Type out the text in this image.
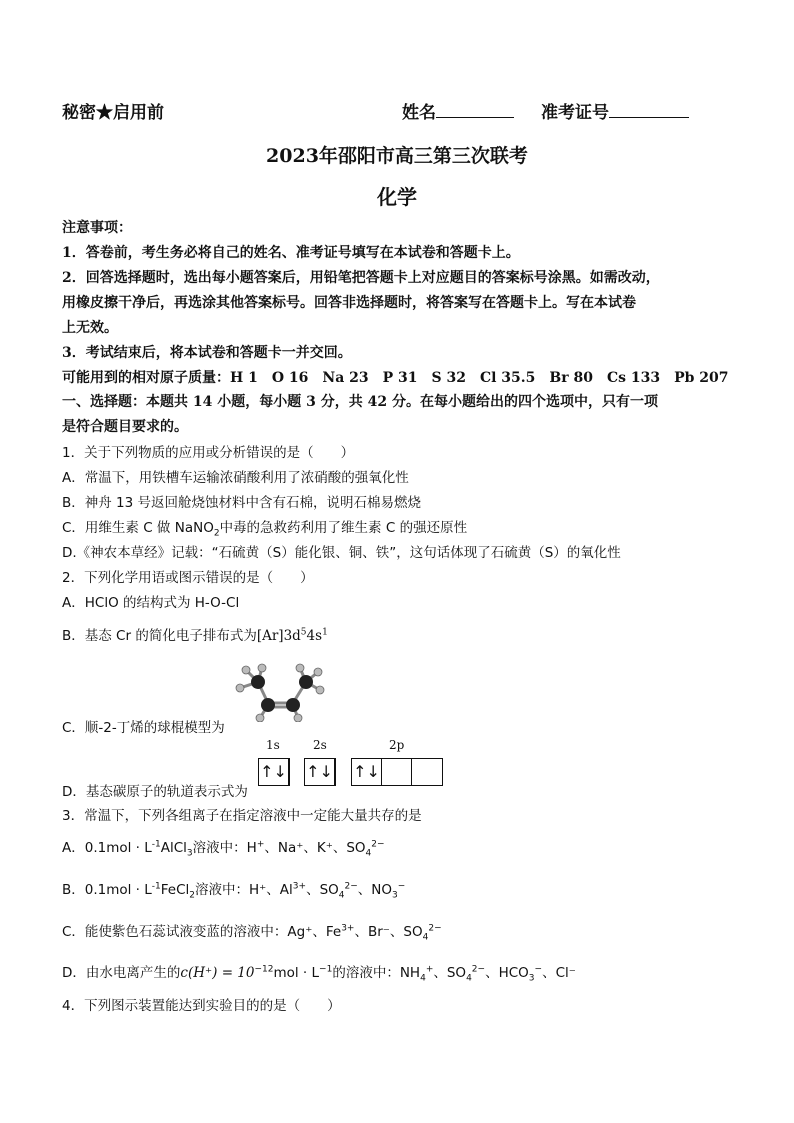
秘密★启用前	姓名	准考证号
2023年邵阳市高三第三次联考
化学
注意事项：
1．答卷前，考生务必将自己的姓名、准考证号填写在本试卷和答题卡上。
2．回答选择题时，选出每小题答案后，用铅笔把答题卡上对应题目的答案标号涂黑。如需改动，
用橡皮擦干净后，再选涂其他答案标号。回答非选择题时，将答案写在答题卡上。写在本试卷
上无效。
3．考试结束后，将本试卷和答题卡一并交回。
可能用到的相对原子质量：H 1　O 16　Na 23　P 31　S 32　Cl 35.5　Br 80　Cs 133　Pb 207
一、选择题：本题共 14 小题，每小题 3 分，共 42 分。在每小题给出的四个选项中，只有一项
是符合题目要求的。
1．关于下列物质的应用或分析错误的是（　　）
A．常温下，用铁槽车运输浓硝酸利用了浓硝酸的强氧化性
B．神舟 13 号返回舱烧蚀材料中含有石棉，说明石棉易燃烧
C．用维生素 C 做 NaNO$_2$中毒的急救药利用了维生素 C 的强还原性
D.《神农本草经》记载：“石硫黄（S）能化银、铜、铁”，这句话体现了石硫黄（S）的氧化性
2．下列化学用语或图示错误的是（　　）
A．HClO 的结构式为 H-O-Cl
B．基态 Cr 的简化电子排布式为$[Ar]3d^54s^1$
C．顺-2-丁烯的球棍模型为
1s	2s	2p
↑↓ ↑↓ ↑↓
D．基态碳原子的轨道表示式为
3．常温下，下列各组离子在指定溶液中一定能大量共存的是
A．$0.1mol \cdot L^{-1}AlCl_3$溶液中：H+、Na⁺、K⁺、$SO_4^{2-}$
B．$0.1mol \cdot L^{-1}FeCl_2$溶液中：H⁺、$Al^{3+}$、$SO_4^{2-}$、$NO_3^-$
C．能使紫色石蕊试液变蓝的溶液中：Ag⁺、$Fe^{3+}$、Br⁻、$SO_4^{2-}$
D．由水电离产生的$c(H^+) = 10^{-12}mol \cdot L^{-1}$的溶液中：$NH_4^+$、$SO_4^{2-}$、$HCO_3^-$、Cl⁻
4．下列图示装置能达到实验目的的是（　　）
